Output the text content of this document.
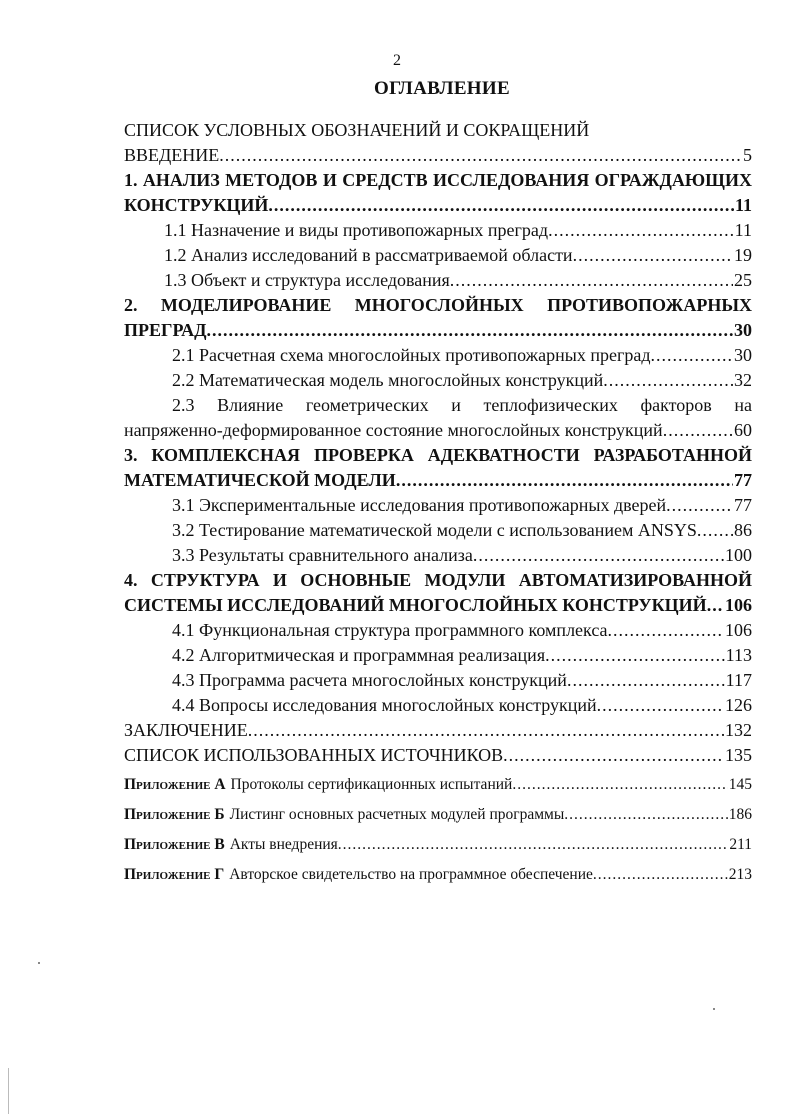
2
ОГЛАВЛЕНИЕ
СПИСОК УСЛОВНЫХ ОБОЗНАЧЕНИЙ И СОКРАЩЕНИЙ
ВВЕДЕНИЕ .....	5
1. АНАЛИЗ МЕТОДОВ И СРЕДСТВ ИССЛЕДОВАНИЯ ОГРАЖДАЮЩИХ
КОНСТРУКЦИЙ .....	11
1.1 Назначение и виды противопожарных преград .....	11
1.2 Анализ исследований в рассматриваемой области .....	19
1.3 Объект и структура исследования .....	25
2. МОДЕЛИРОВАНИЕ МНОГОСЛОЙНЫХ ПРОТИВОПОЖАРНЫХ
ПРЕГРАД .....	30
2.1 Расчетная схема многослойных противопожарных преград .....	30
2.2 Математическая модель многослойных конструкций .....	32
2.3 Влияние геометрических и теплофизических факторов на
напряженно-деформированное состояние многослойных конструкций .....	60
3. КОМПЛЕКСНАЯ ПРОВЕРКА АДЕКВАТНОСТИ РАЗРАБОТАННОЙ
МАТЕМАТИЧЕСКОЙ МОДЕЛИ .....	77
3.1 Экспериментальные исследования противопожарных дверей .....	77
3.2 Тестирование математической модели с использованием ANSYS ..... 86
3.3 Результаты сравнительного анализа .....	100
4. СТРУКТУРА И ОСНОВНЫЕ МОДУЛИ АВТОМАТИЗИРОВАННОЙ
СИСТЕМЫ ИССЛЕДОВАНИЙ МНОГОСЛОЙНЫХ КОНСТРУКЦИЙ ..... 106
4.1 Функциональная структура программного комплекса .....	106
4.2 Алгоритмическая и программная реализация .....	113
4.3 Программа расчета многослойных конструкций .....	117
4.4 Вопросы исследования многослойных конструкций .....	126
ЗАКЛЮЧЕНИЕ .....	132
СПИСОК ИСПОЛЬЗОВАННЫХ ИСТОЧНИКОВ .....	135
Приложение А Протоколы сертификационных испытаний .....	145
Приложение Б Листинг основных расчетных модулей программы .....	186
Приложение В Акты внедрения .....	211
Приложение Г Авторское свидетельство на программное обеспечение .....	213
